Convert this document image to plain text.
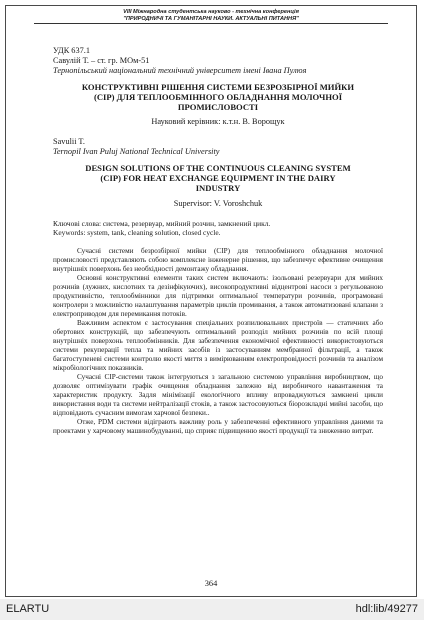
VIII Міжнародна студентська науково - технічна конференція
"ПРИРОДНИЧІ ТА ГУМАНІТАРНІ НАУКИ. АКТУАЛЬНІ ПИТАННЯ"
УДК 637.1
Савулій Т. – ст. гр. МОм-51
Тернопільський національний технічний університет імені Івана Пулюя
КОНСТРУКТИВНІ РІШЕННЯ СИСТЕМИ БЕЗРОЗБІРНОЇ МИЙКИ
(CIP) ДЛЯ ТЕПЛООБМІННОГО ОБЛАДНАННЯ МОЛОЧНОЇ
ПРОМИСЛОВОСТІ
Науковий керівник: к.т.н. В. Ворощук
Savulii T.
Ternopil Ivan Puluj National Technical University
DESIGN SOLUTIONS OF THE CONTINUOUS CLEANING SYSTEM
(CIP) FOR HEAT EXCHANGE EQUIPMENT IN THE DAIRY
INDUSTRY
Supervisor: V. Voroshchuk
Ключові слова: система, резервуар, мийний розчин, замкнений цикл.
Keywords: system, tank, cleaning solution, closed cycle.

Сучасні системи безрозбірної мийки (CIP) для теплообмінного обладнання молочної промисловості представляють собою комплексне інженерне рішення, що забезпечує ефективне очищення внутрішніх поверхонь без необхідності демонтажу обладнання.

Основні конструктивні елементи таких систем включають: ізольовані резервуари для мийних розчинів (лужних, кислотних та дезінфікуючих), високопродуктивні відцентрові насоси з регульованою продуктивністю, теплообмінники для підтримки оптимальної температури розчинів, програмовані контролери з можливістю налаштування параметрів циклів промивання, а також автоматизовані клапани з електроприводом для перемикання потоків.

Важливим аспектом є застосування спеціальних розпилювальних пристроїв — статичних або обертових конструкцій, що забезпечують оптимальний розподіл мийних розчинів по всій площі внутрішніх поверхонь теплообмінників. Для забезпечення економічної ефективності використовуються системи рекуперації тепла та мийних засобів із застосуванням мембранної фільтрації, а також багатоступеневі системи контролю якості миття з вимірюванням електропровідності розчинів та аналізом мікробіологічних показників.

Сучасні CIP-системи також інтегруються з загальною системою управління виробництвом, що дозволяє оптимізувати графік очищення обладнання залежно від виробничого навантаження та характеристик продукту. Задля мінімізації екологічного впливу впроваджуються замкнені цикли використання води та системи нейтралізації стоків, а також застосовуються біорозкладні мийні засоби, що відповідають сучасним вимогам харчової безпеки..

Отже, PDM системи відіграють важливу роль у забезпеченні ефективного управління даними та проектами у харчовому машинобудуванні, що сприяє підвищенню якості продукції та зниженню витрат.

364
ELARTU	hdl:lib/49277
